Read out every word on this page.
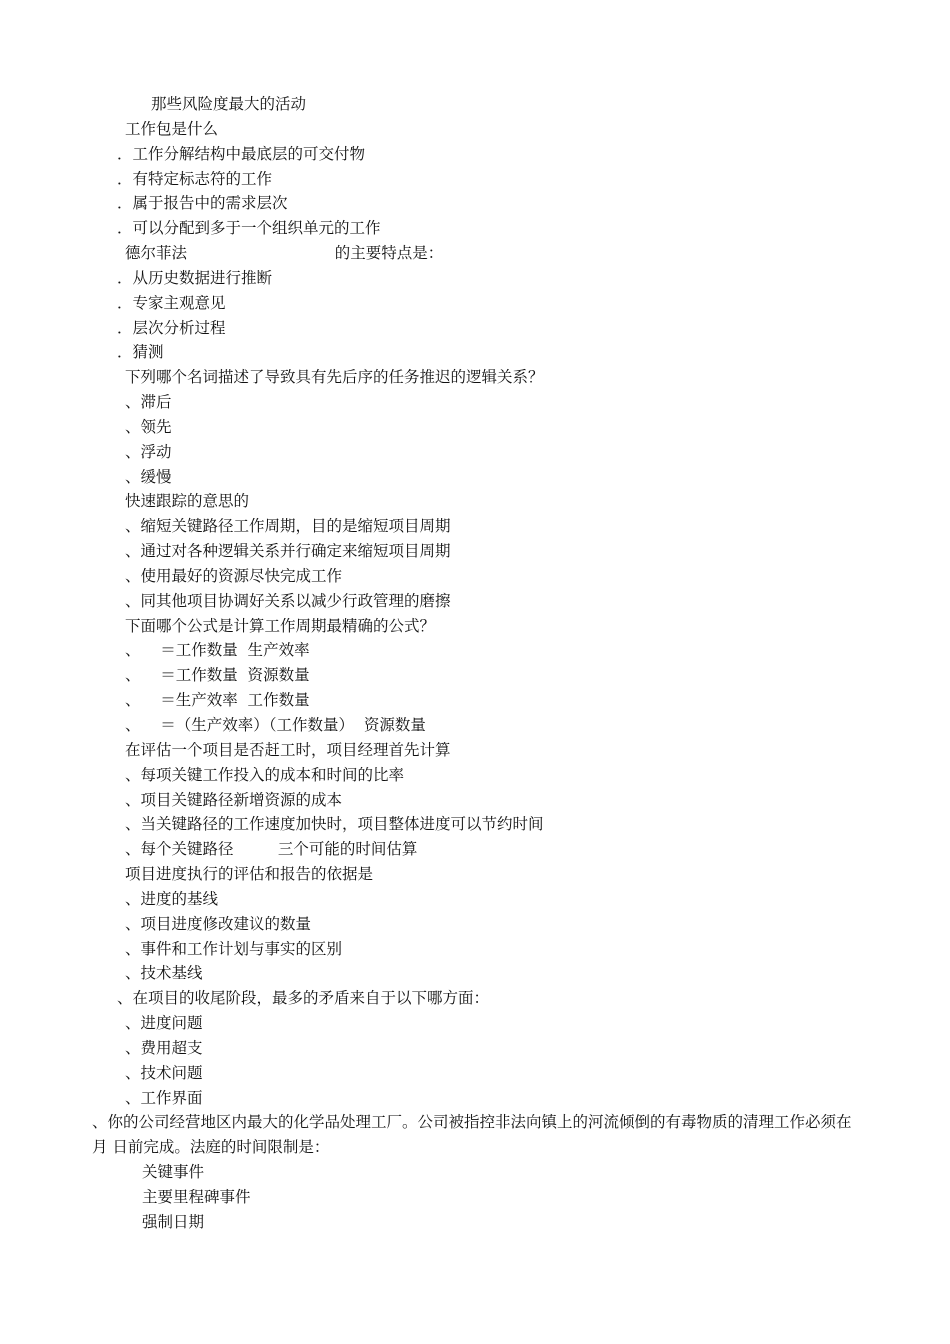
那些风险度最大的活动
工作包是什么
．工作分解结构中最底层的可交付物
．有特定标志符的工作
．属于报告中的需求层次
．可以分配到多于一个组织单元的工作
德尔菲法                              的主要特点是：
．从历史数据进行推断
．专家主观意见
．层次分析过程
．猜测
下列哪个名词描述了导致具有先后序的任务推迟的逻辑关系？
、滞后
、领先
、浮动
、缓慢
快速跟踪的意思的
、缩短关键路径工作周期，目的是缩短项目周期
、通过对各种逻辑关系并行确定来缩短项目周期
、使用最好的资源尽快完成工作
、同其他项目协调好关系以减少行政管理的磨擦
下面哪个公式是计算工作周期最精确的公式？
、    ＝工作数量  生产效率
、    ＝工作数量  资源数量
、    ＝生产效率  工作数量
、    ＝（生产效率）（工作数量）  资源数量
在评估一个项目是否赶工时，项目经理首先计算
、每项关键工作投入的成本和时间的比率
、项目关键路径新增资源的成本
、当关键路径的工作速度加快时，项目整体进度可以节约时间
、每个关键路径         三个可能的时间估算
项目进度执行的评估和报告的依据是
、进度的基线
、项目进度修改建议的数量
、事件和工作计划与事实的区别
、技术基线
、在项目的收尾阶段，最多的矛盾来自于以下哪方面：
、进度问题
、费用超支
、技术问题
、工作界面

、你的公司经营地区内最大的化学品处理工厂。公司被指控非法向镇上的河流倾倒的有毒物质的清理工作必须在 月 日前完成。法庭的时间限制是：

关键事件
主要里程碑事件
强制日期
